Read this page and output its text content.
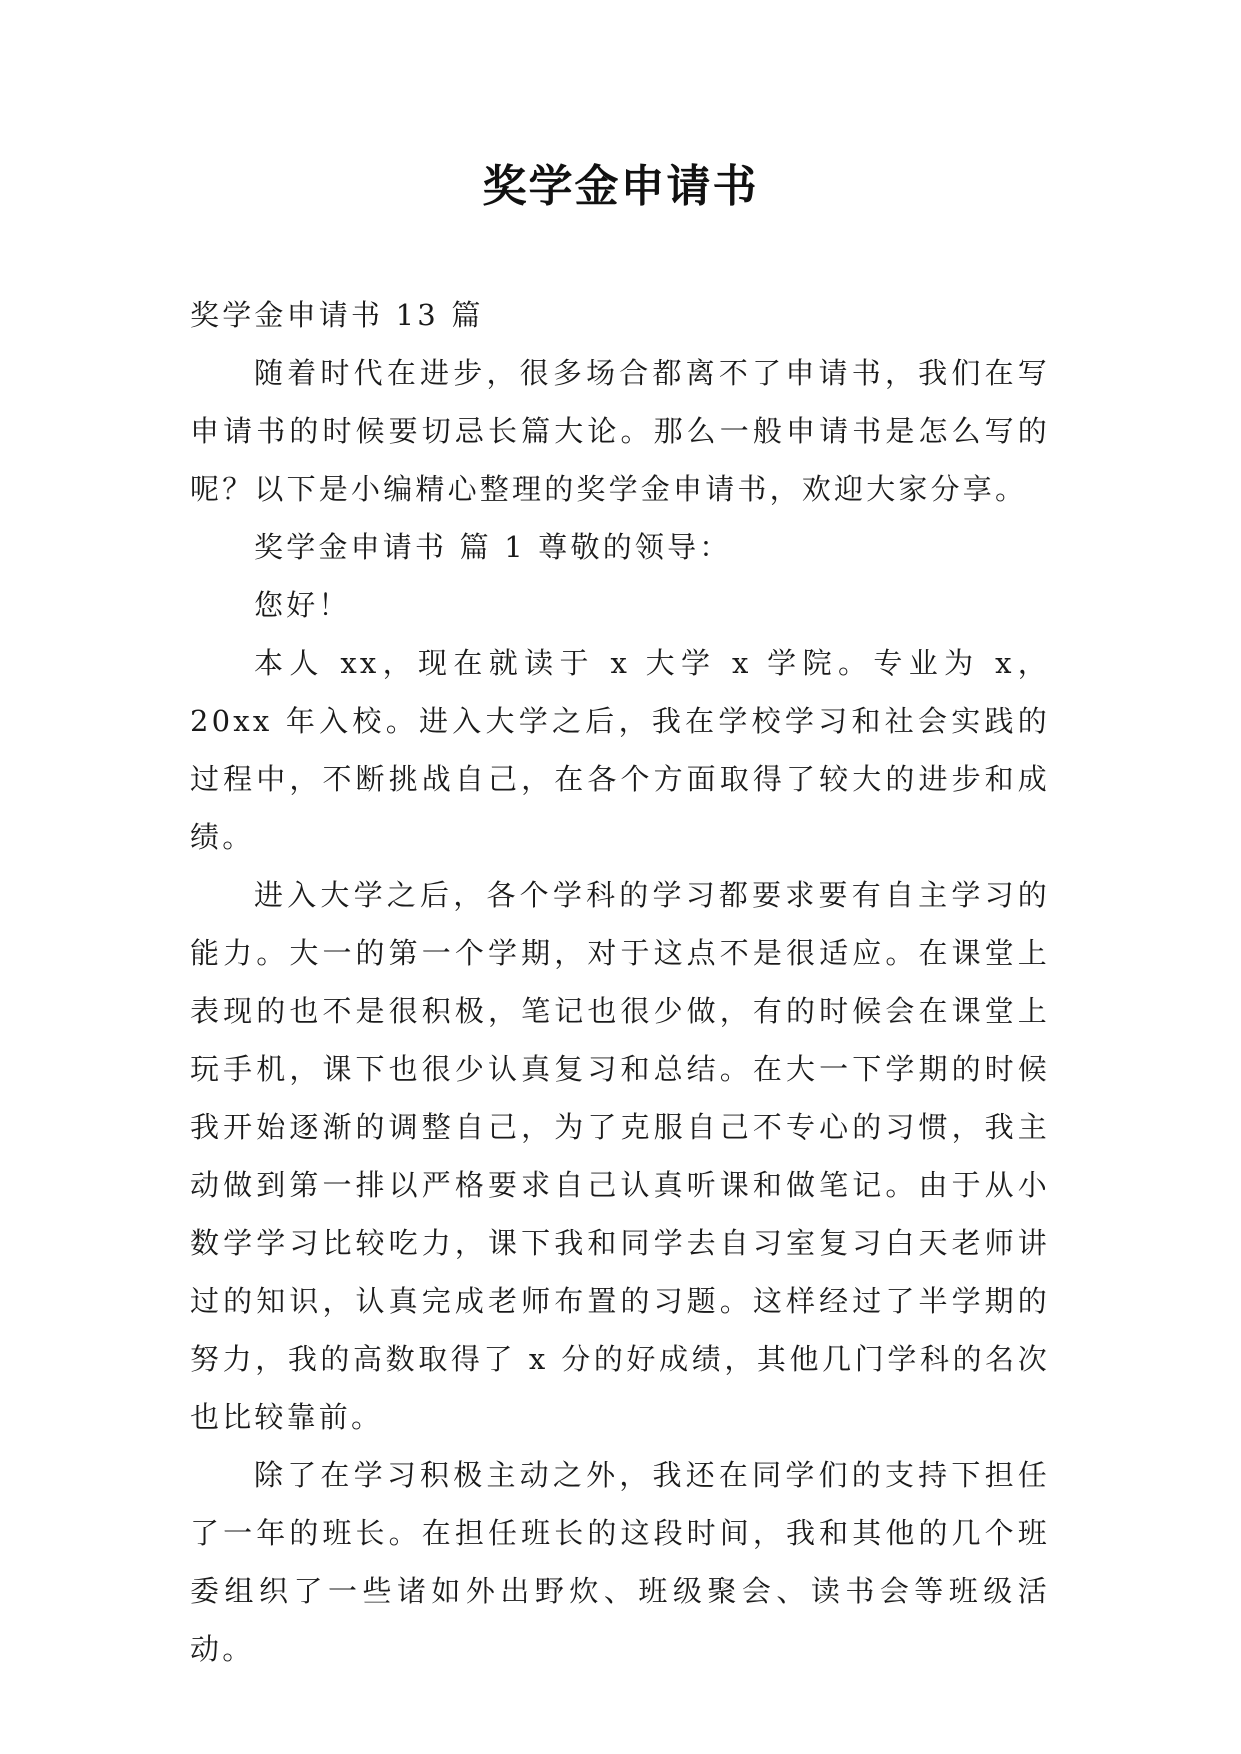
奖学金申请书

奖学金申请书 13 篇

随着时代在进步，很多场合都离不了申请书，我们在写申请书的时候要切忌长篇大论。那么一般申请书是怎么写的呢？以下是小编精心整理的奖学金申请书，欢迎大家分享。

奖学金申请书 篇 1 尊敬的领导：

您好！

本人 xx，现在就读于 x 大学 x 学院。专业为 x，20xx 年入校。进入大学之后，我在学校学习和社会实践的过程中，不断挑战自己，在各个方面取得了较大的进步和成绩。

进入大学之后，各个学科的学习都要求要有自主学习的能力。大一的第一个学期，对于这点不是很适应。在课堂上表现的也不是很积极，笔记也很少做，有的时候会在课堂上玩手机，课下也很少认真复习和总结。在大一下学期的时候我开始逐渐的调整自己，为了克服自己不专心的习惯，我主动做到第一排以严格要求自己认真听课和做笔记。由于从小数学学习比较吃力，课下我和同学去自习室复习白天老师讲过的知识，认真完成老师布置的习题。这样经过了半学期的努力，我的高数取得了 x 分的好成绩，其他几门学科的名次也比较靠前。

除了在学习积极主动之外，我还在同学们的支持下担任了一年的班长。在担任班长的这段时间，我和其他的几个班委组织了一些诸如外出野炊、班级聚会、读书会等班级活动。
